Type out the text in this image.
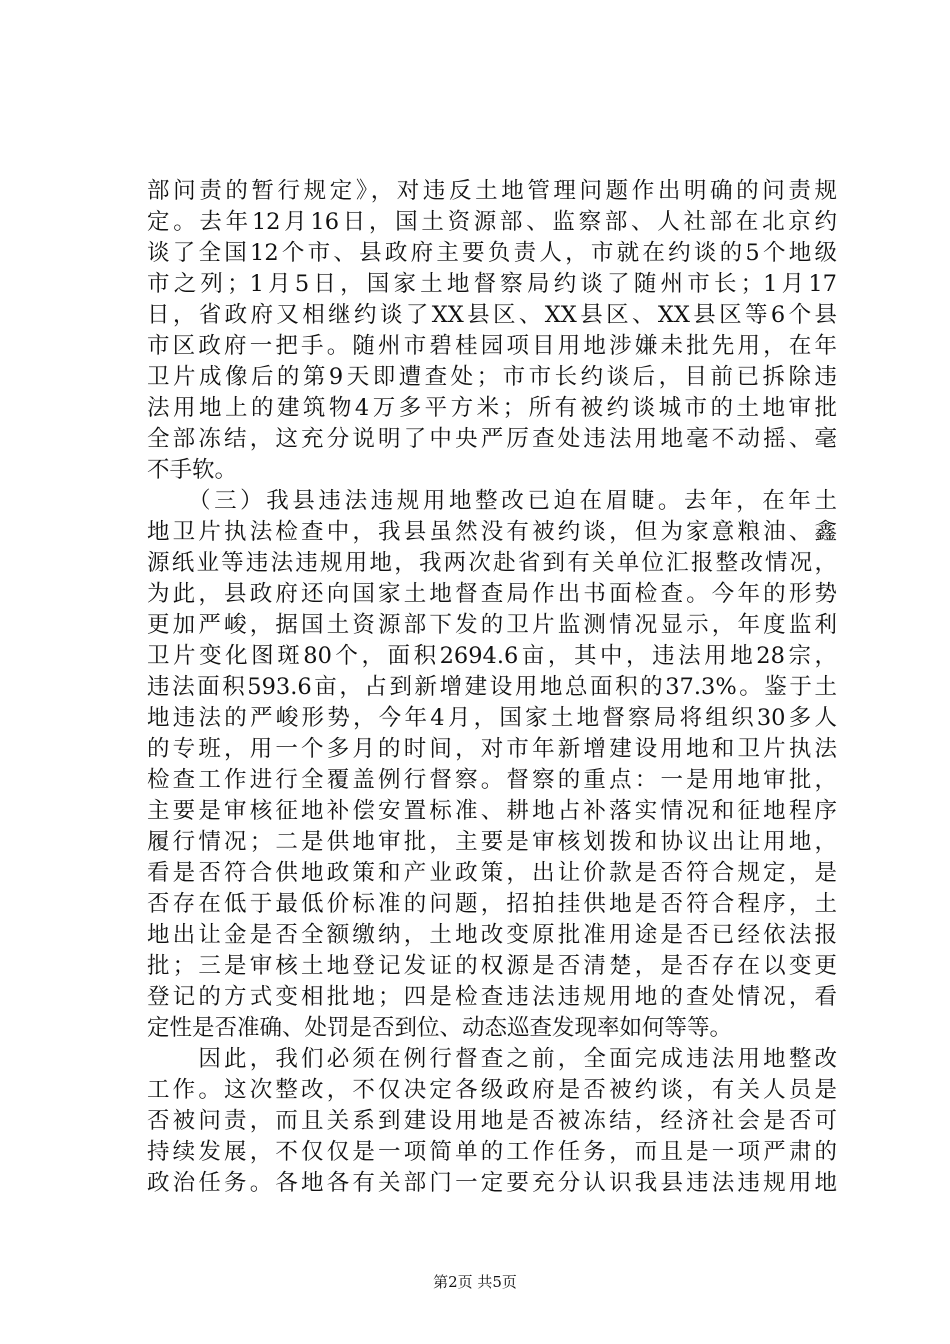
部问责的暂行规定》，对违反土地管理问题作出明确的问责规
定。去年12月16日，国土资源部、监察部、人社部在北京约
谈了全国12个市、县政府主要负责人，市就在约谈的5个地级
市之列；1月5日，国家土地督察局约谈了随州市长；1月17
日，省政府又相继约谈了XX县区、XX县区、XX县区等6个县
市区政府一把手。随州市碧桂园项目用地涉嫌未批先用，在年
卫片成像后的第9天即遭查处；市市长约谈后，目前已拆除违
法用地上的建筑物4万多平方米；所有被约谈城市的土地审批
全部冻结，这充分说明了中央严厉查处违法用地毫不动摇、毫
不手软。
　　（三）我县违法违规用地整改已迫在眉睫。去年，在年土
地卫片执法检查中，我县虽然没有被约谈，但为家意粮油、鑫
源纸业等违法违规用地，我两次赴省到有关单位汇报整改情况，
为此，县政府还向国家土地督查局作出书面检查。今年的形势
更加严峻，据国土资源部下发的卫片监测情况显示，年度监利
卫片变化图斑80个，面积2694.6亩，其中，违法用地28宗，
违法面积593.6亩，占到新增建设用地总面积的37.3%。鉴于土
地违法的严峻形势，今年4月，国家土地督察局将组织30多人
的专班，用一个多月的时间，对市年新增建设用地和卫片执法
检查工作进行全覆盖例行督察。督察的重点：一是用地审批，
主要是审核征地补偿安置标准、耕地占补落实情况和征地程序
履行情况；二是供地审批，主要是审核划拨和协议出让用地，
看是否符合供地政策和产业政策，出让价款是否符合规定，是
否存在低于最低价标准的问题，招拍挂供地是否符合程序，土
地出让金是否全额缴纳，土地改变原批准用途是否已经依法报
批；三是审核土地登记发证的权源是否清楚，是否存在以变更
登记的方式变相批地；四是检查违法违规用地的查处情况，看
定性是否准确、处罚是否到位、动态巡查发现率如何等等。
　　因此，我们必须在例行督查之前，全面完成违法用地整改
工作。这次整改，不仅决定各级政府是否被约谈，有关人员是
否被问责，而且关系到建设用地是否被冻结，经济社会是否可
持续发展，不仅仅是一项简单的工作任务，而且是一项严肃的
政治任务。各地各有关部门一定要充分认识我县违法违规用地
第2页 共5页
